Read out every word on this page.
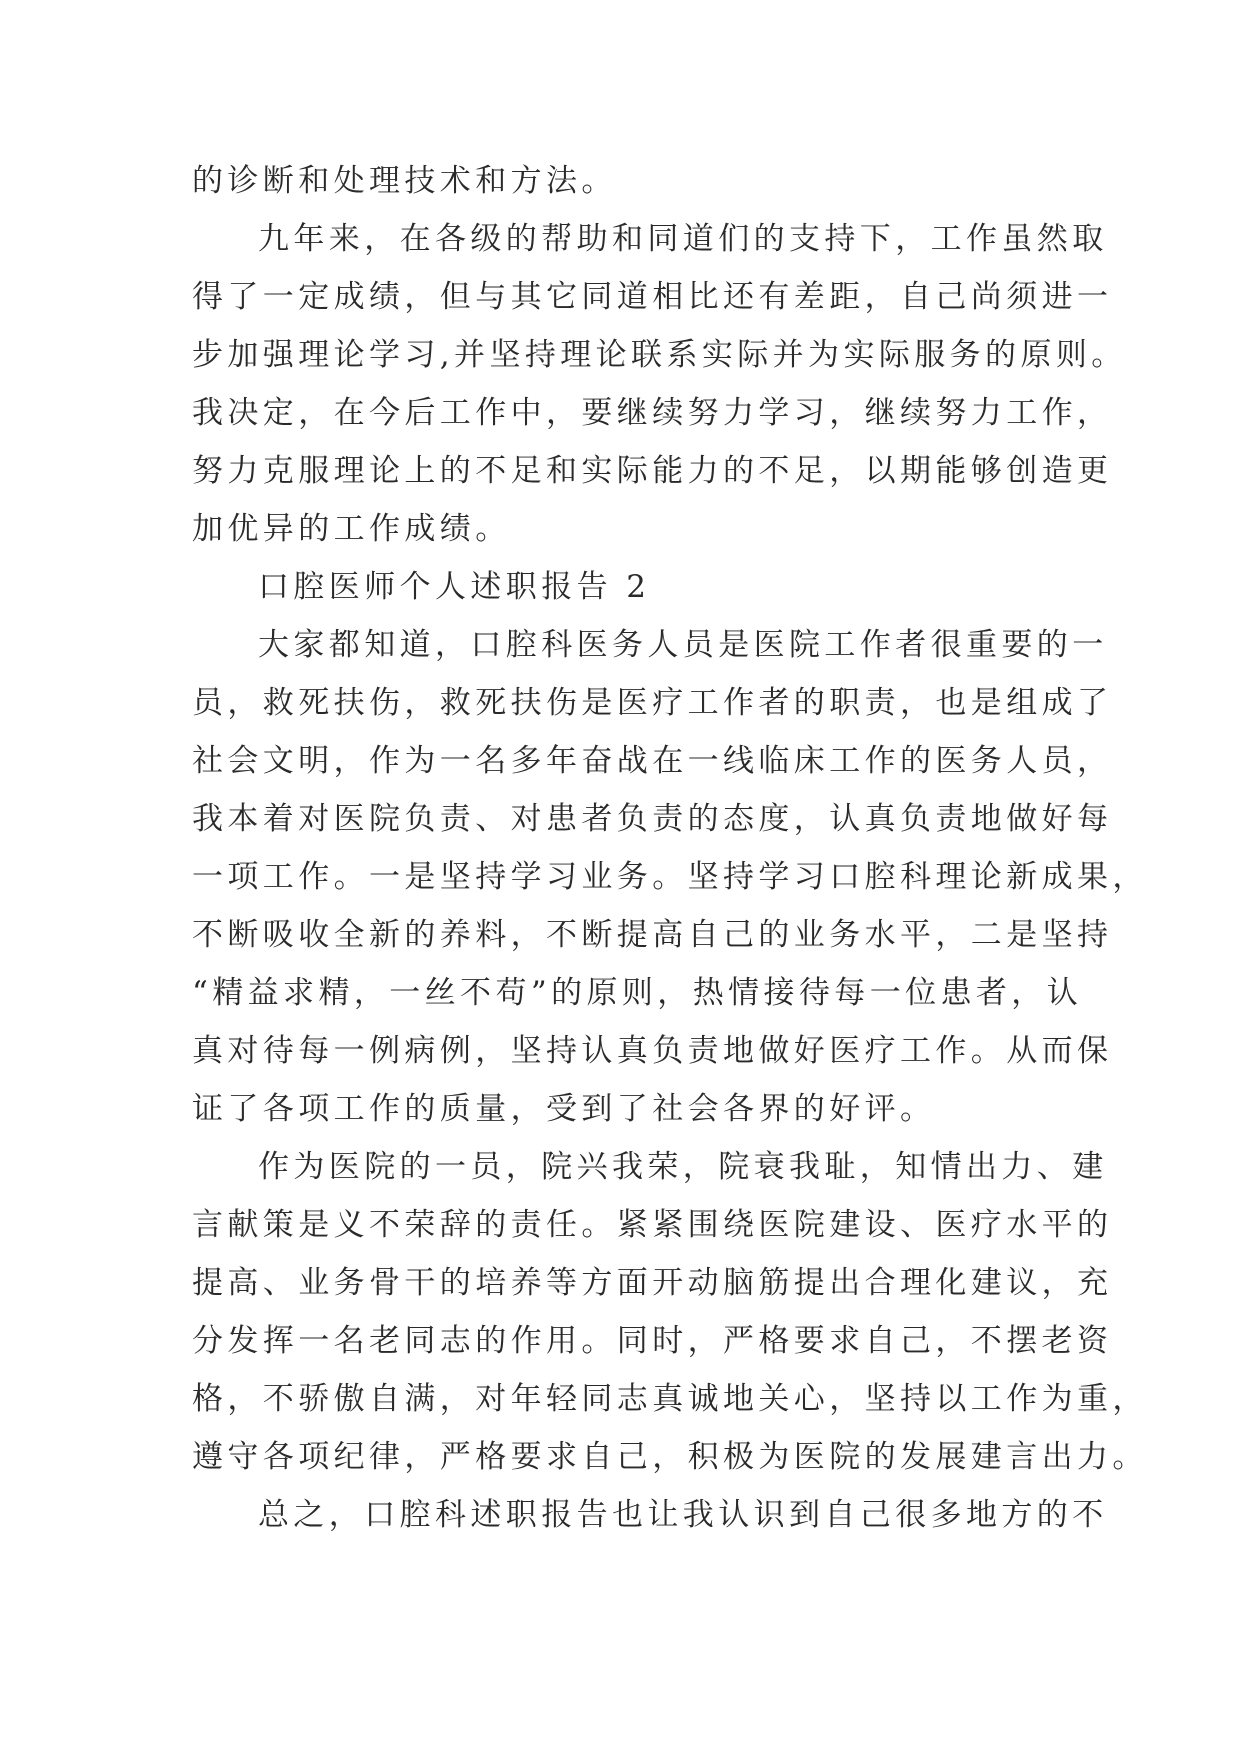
的诊断和处理技术和方法。
九年来，在各级的帮助和同道们的支持下，工作虽然取
得了一定成绩，但与其它同道相比还有差距，自己尚须进一
步加强理论学习,并坚持理论联系实际并为实际服务的原则。
我决定，在今后工作中，要继续努力学习，继续努力工作，
努力克服理论上的不足和实际能力的不足，以期能够创造更
加优异的工作成绩。
口腔医师个人述职报告 2
大家都知道，口腔科医务人员是医院工作者很重要的一
员，救死扶伤，救死扶伤是医疗工作者的职责，也是组成了
社会文明，作为一名多年奋战在一线临床工作的医务人员，
我本着对医院负责、对患者负责的态度，认真负责地做好每
一项工作。一是坚持学习业务。坚持学习口腔科理论新成果，
不断吸收全新的养料，不断提高自己的业务水平，二是坚持
“精益求精，一丝不苟”的原则，热情接待每一位患者，认
真对待每一例病例，坚持认真负责地做好医疗工作。从而保
证了各项工作的质量，受到了社会各界的好评。
作为医院的一员，院兴我荣，院衰我耻，知情出力、建
言献策是义不荣辞的责任。紧紧围绕医院建设、医疗水平的
提高、业务骨干的培养等方面开动脑筋提出合理化建议，充
分发挥一名老同志的作用。同时，严格要求自己，不摆老资
格，不骄傲自满，对年轻同志真诚地关心，坚持以工作为重，
遵守各项纪律，严格要求自己，积极为医院的发展建言出力。
总之，口腔科述职报告也让我认识到自己很多地方的不
